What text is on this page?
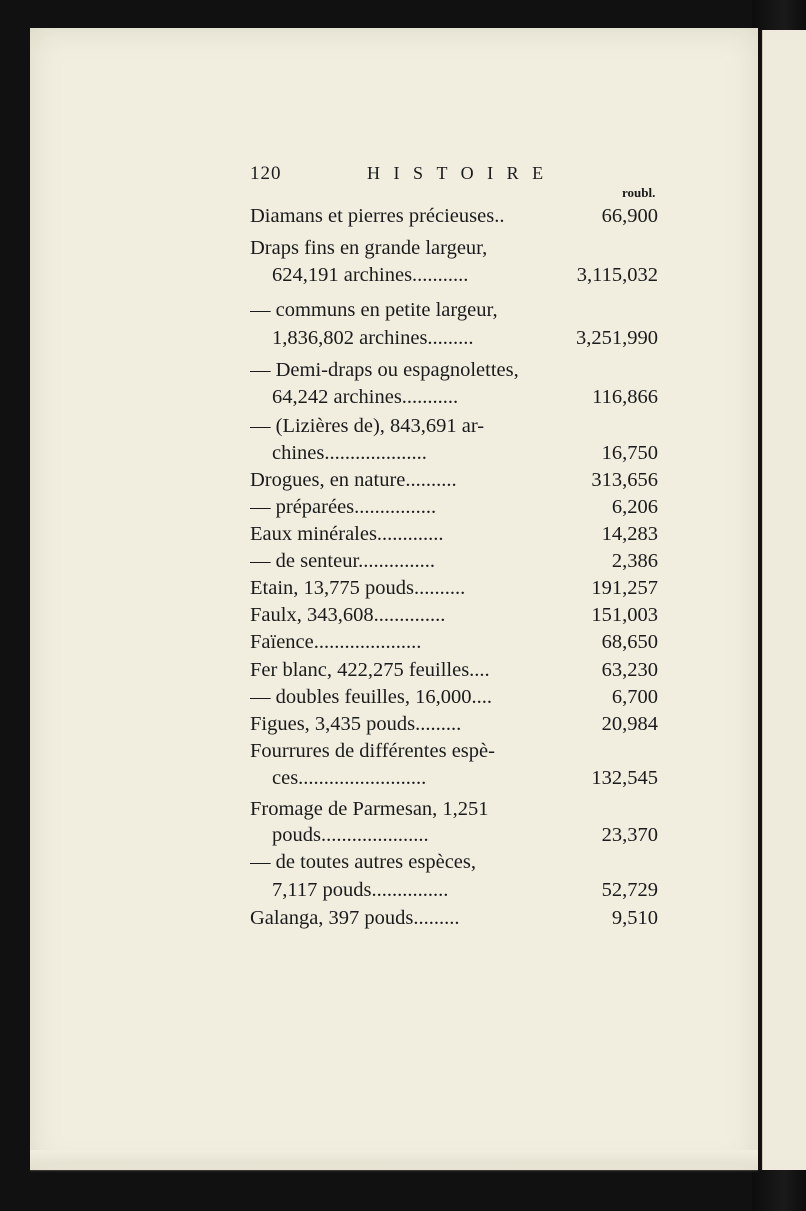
120	HISTOIRE
roubl.
Diamans et pierres précieuses..	66,900
Draps fins en grande largeur,
624,191 archines...........	3,115,032
— communs en petite largeur,
1,836,802 archines.........	3,251,990
— Demi-draps ou espagnolettes,
64,242 archines...........	116,866
— (Lizières de), 843,691 ar-
chines....................	16,750
Drogues, en nature..........	313,656
— préparées................	6,206
Eaux minérales.............	14,283
— de senteur...............	2,386
Etain, 13,775 pouds..........	191,257
Faulx, 343,608..............	151,003
Faïence.....................	68,650
Fer blanc, 422,275 feuilles....	63,230
— doubles feuilles, 16,000....	6,700
Figues, 3,435 pouds.........	20,984
Fourrures de différentes espè-
ces.........................	132,545
Fromage de Parmesan, 1,251
pouds.....................	23,370
— de toutes autres espèces,
7,117 pouds...............	52,729
Galanga, 397 pouds.........	9,510
